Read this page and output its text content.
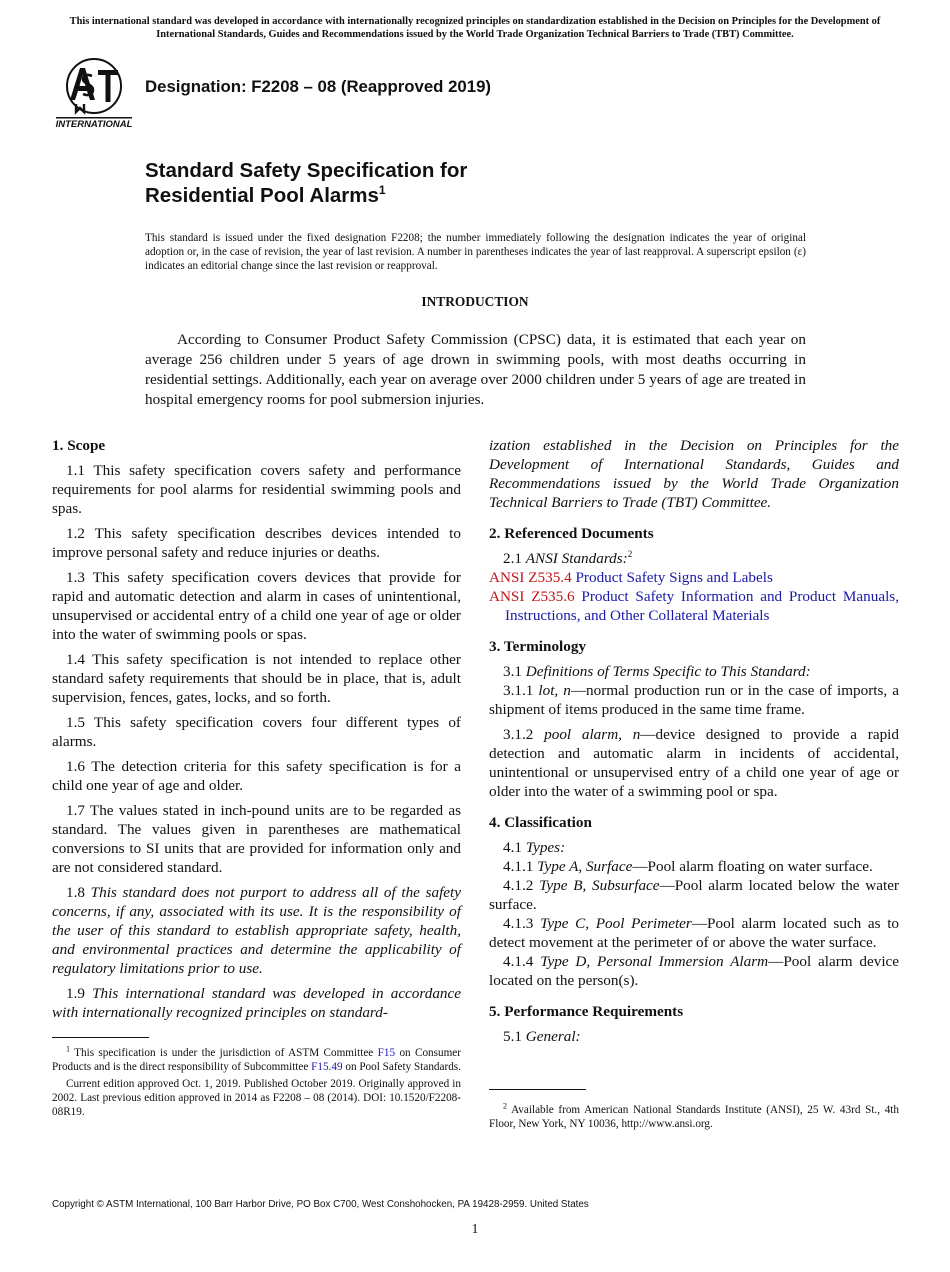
This international standard was developed in accordance with internationally recognized principles on standardization established in the Decision on Principles for the Development of International Standards, Guides and Recommendations issued by the World Trade Organization Technical Barriers to Trade (TBT) Committee.
INTERNATIONAL
Designation: F2208 – 08 (Reapproved 2019)
Standard Safety Specification for
Residential Pool Alarms$^1$
This standard is issued under the fixed designation F2208; the number immediately following the designation indicates the year of original adoption or, in the case of revision, the year of last revision. A number in parentheses indicates the year of last reapproval. A superscript epsilon (ε) indicates an editorial change since the last revision or reapproval.
INTRODUCTION
According to Consumer Product Safety Commission (CPSC) data, it is estimated that each year on average 256 children under 5 years of age drown in swimming pools, with most deaths occurring in residential settings. Additionally, each year on average over 2000 children under 5 years of age are treated in hospital emergency rooms for pool submersion injuries.
1. Scope

1.1 This safety specification covers safety and performance requirements for pool alarms for residential swimming pools and spas.

1.2 This safety specification describes devices intended to improve personal safety and reduce injuries or deaths.

1.3 This safety specification covers devices that provide for rapid and automatic detection and alarm in cases of unintentional, unsupervised or accidental entry of a child one year of age or older into the water of swimming pools or spas.

1.4 This safety specification is not intended to replace other standard safety requirements that should be in place, that is, adult supervision, fences, gates, locks, and so forth.

1.5 This safety specification covers four different types of alarms.

1.6 The detection criteria for this safety specification is for a child one year of age and older.

1.7 The values stated in inch-pound units are to be regarded as standard. The values given in parentheses are mathematical conversions to SI units that are provided for information only and are not considered standard.

1.8 This standard does not purport to address all of the safety concerns, if any, associated with its use. It is the responsibility of the user of this standard to establish appropriate safety, health, and environmental practices and determine the applicability of regulatory limitations prior to use.

1.9 This international standard was developed in accordance with internationally recognized principles on standard-

$^1$ This specification is under the jurisdiction of ASTM Committee F15 on Consumer Products and is the direct responsibility of Subcommittee F15.49 on Pool Safety Standards.

Current edition approved Oct. 1, 2019. Published October 2019. Originally approved in 2002. Last previous edition approved in 2014 as F2208 – 08 (2014). DOI: 10.1520/F2208-08R19.

ization established in the Decision on Principles for the Development of International Standards, Guides and Recommendations issued by the World Trade Organization Technical Barriers to Trade (TBT) Committee.

2. Referenced Documents

2.1 ANSI Standards:$^2$

ANSI Z535.4 Product Safety Signs and Labels

ANSI Z535.6 Product Safety Information and Product Manuals, Instructions, and Other Collateral Materials

3. Terminology

3.1 Definitions of Terms Specific to This Standard:

3.1.1 lot, n—normal production run or in the case of imports, a shipment of items produced in the same time frame.

3.1.2 pool alarm, n—device designed to provide a rapid detection and automatic alarm in incidents of accidental, unintentional or unsupervised entry of a child one year of age or older into the water of a swimming pool or spa.

4. Classification

4.1 Types:

4.1.1 Type A, Surface—Pool alarm floating on water surface.

4.1.2 Type B, Subsurface—Pool alarm located below the water surface.

4.1.3 Type C, Pool Perimeter—Pool alarm located such as to detect movement at the perimeter of or above the water surface.

4.1.4 Type D, Personal Immersion Alarm—Pool alarm device located on the person(s).

5. Performance Requirements

5.1 General:

$^2$ Available from American National Standards Institute (ANSI), 25 W. 43rd St., 4th Floor, New York, NY 10036, http://www.ansi.org.

Copyright © ASTM International, 100 Barr Harbor Drive, PO Box C700, West Conshohocken, PA 19428-2959. United States
1
